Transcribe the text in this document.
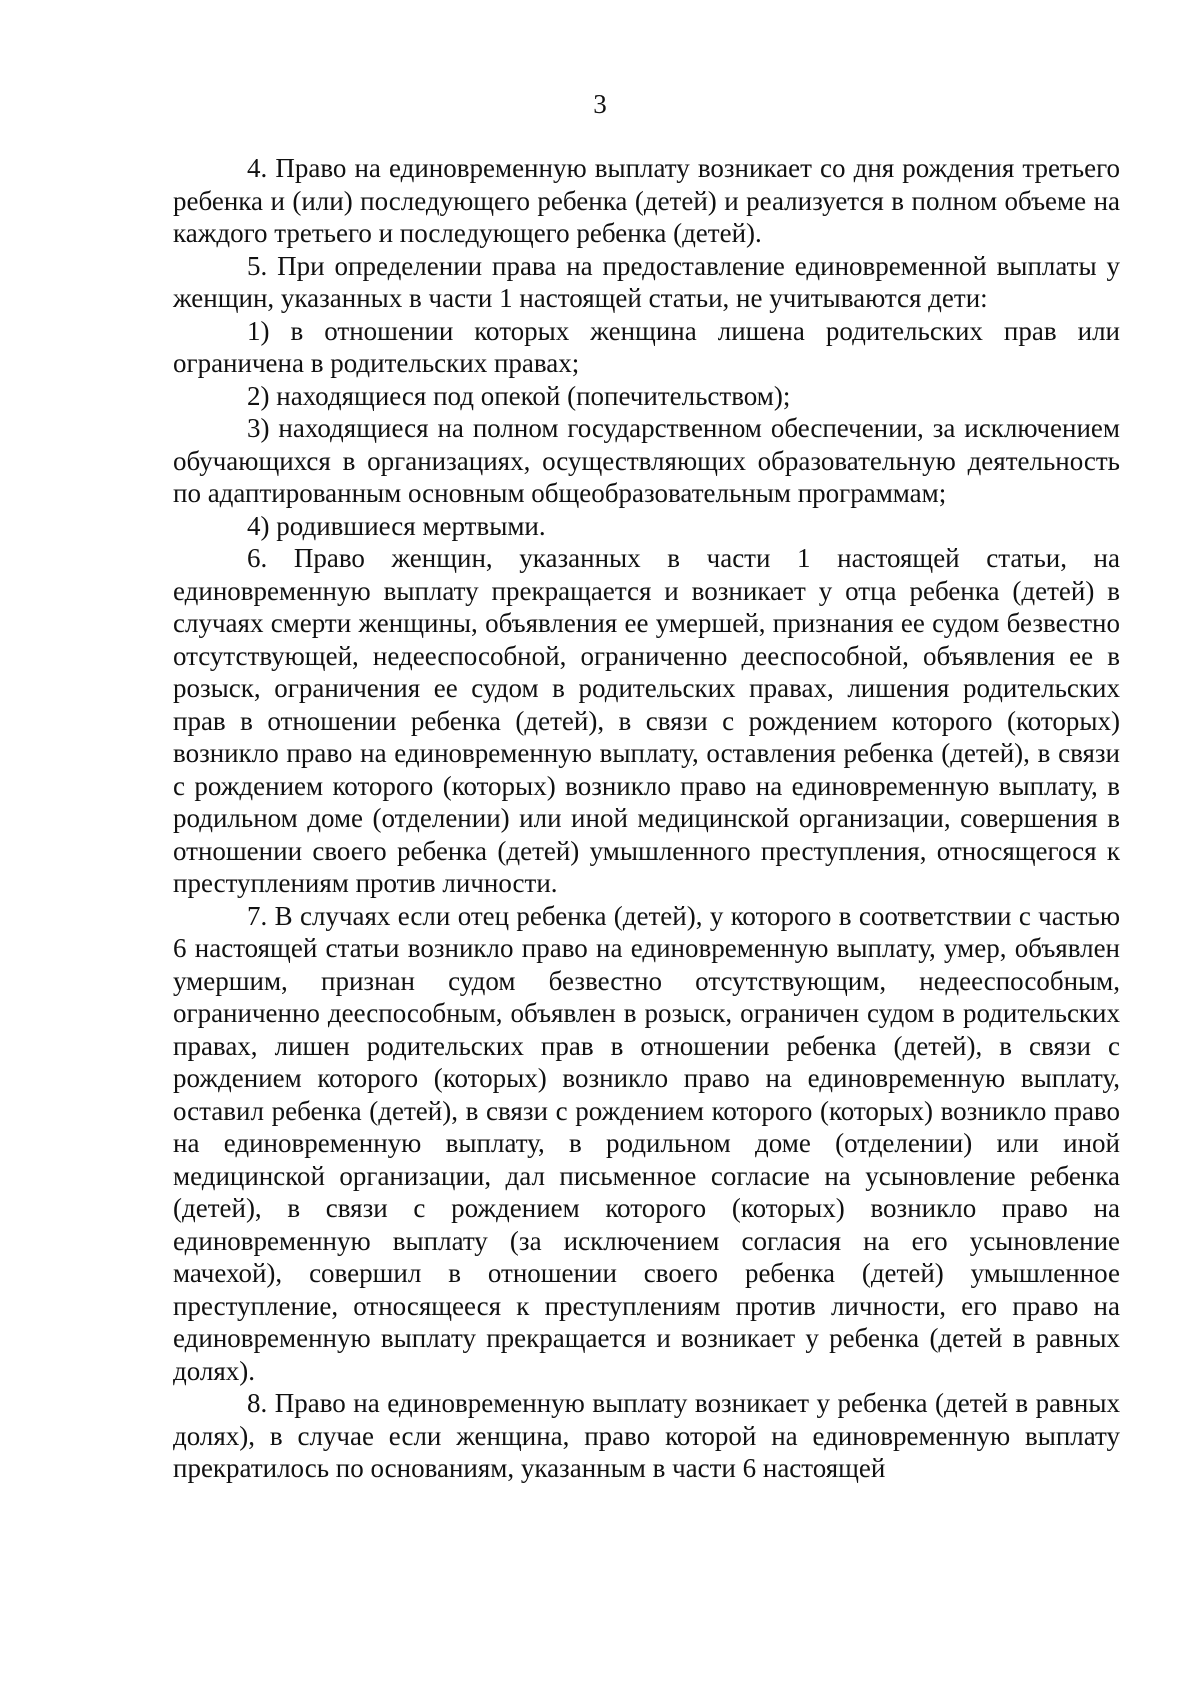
3

4. Право на единовременную выплату возникает со дня рождения третьего ребенка и (или) последующего ребенка (детей) и реализуется в полном объеме на каждого третьего и последующего ребенка (детей).

5. При определении права на предоставление единовременной выплаты у женщин, указанных в части 1 настоящей статьи, не учитываются дети:

1) в отношении которых женщина лишена родительских прав или ограничена в родительских правах;

2) находящиеся под опекой (попечительством);

3) находящиеся на полном государственном обеспечении, за исключением обучающихся в организациях, осуществляющих образовательную деятельность по адаптированным основным общеобразовательным программам;

4) родившиеся мертвыми.

6. Право женщин, указанных в части 1 настоящей статьи, на единовременную выплату прекращается и возникает у отца ребенка (детей) в случаях смерти женщины, объявления ее умершей, признания ее судом безвестно отсутствующей, недееспособной, ограниченно дееспособной, объявления ее в розыск, ограничения ее судом в родительских правах, лишения родительских прав в отношении ребенка (детей), в связи с рождением которого (которых) возникло право на единовременную выплату, оставления ребенка (детей), в связи с рождением которого (которых) возникло право на единовременную выплату, в родильном доме (отделении) или иной медицинской организации, совершения в отношении своего ребенка (детей) умышленного преступления, относящегося к преступлениям против личности.

7. В случаях если отец ребенка (детей), у которого в соответствии с частью 6 настоящей статьи возникло право на единовременную выплату, умер, объявлен умершим, признан судом безвестно отсутствующим, недееспособным, ограниченно дееспособным, объявлен в розыск, ограничен судом в родительских правах, лишен родительских прав в отношении ребенка (детей), в связи с рождением которого (которых) возникло право на единовременную выплату, оставил ребенка (детей), в связи с рождением которого (которых) возникло право на единовременную выплату, в родильном доме (отделении) или иной медицинской организации, дал письменное согласие на усыновление ребенка (детей), в связи с рождением которого (которых) возникло право на единовременную выплату (за исключением согласия на его усыновление мачехой), совершил в отношении своего ребенка (детей) умышленное преступление, относящееся к преступлениям против личности, его право на единовременную выплату прекращается и возникает у ребенка (детей в равных долях).

8. Право на единовременную выплату возникает у ребенка (детей в равных долях), в случае если женщина, право которой на единовременную выплату прекратилось по основаниям, указанным в части 6 настоящей
